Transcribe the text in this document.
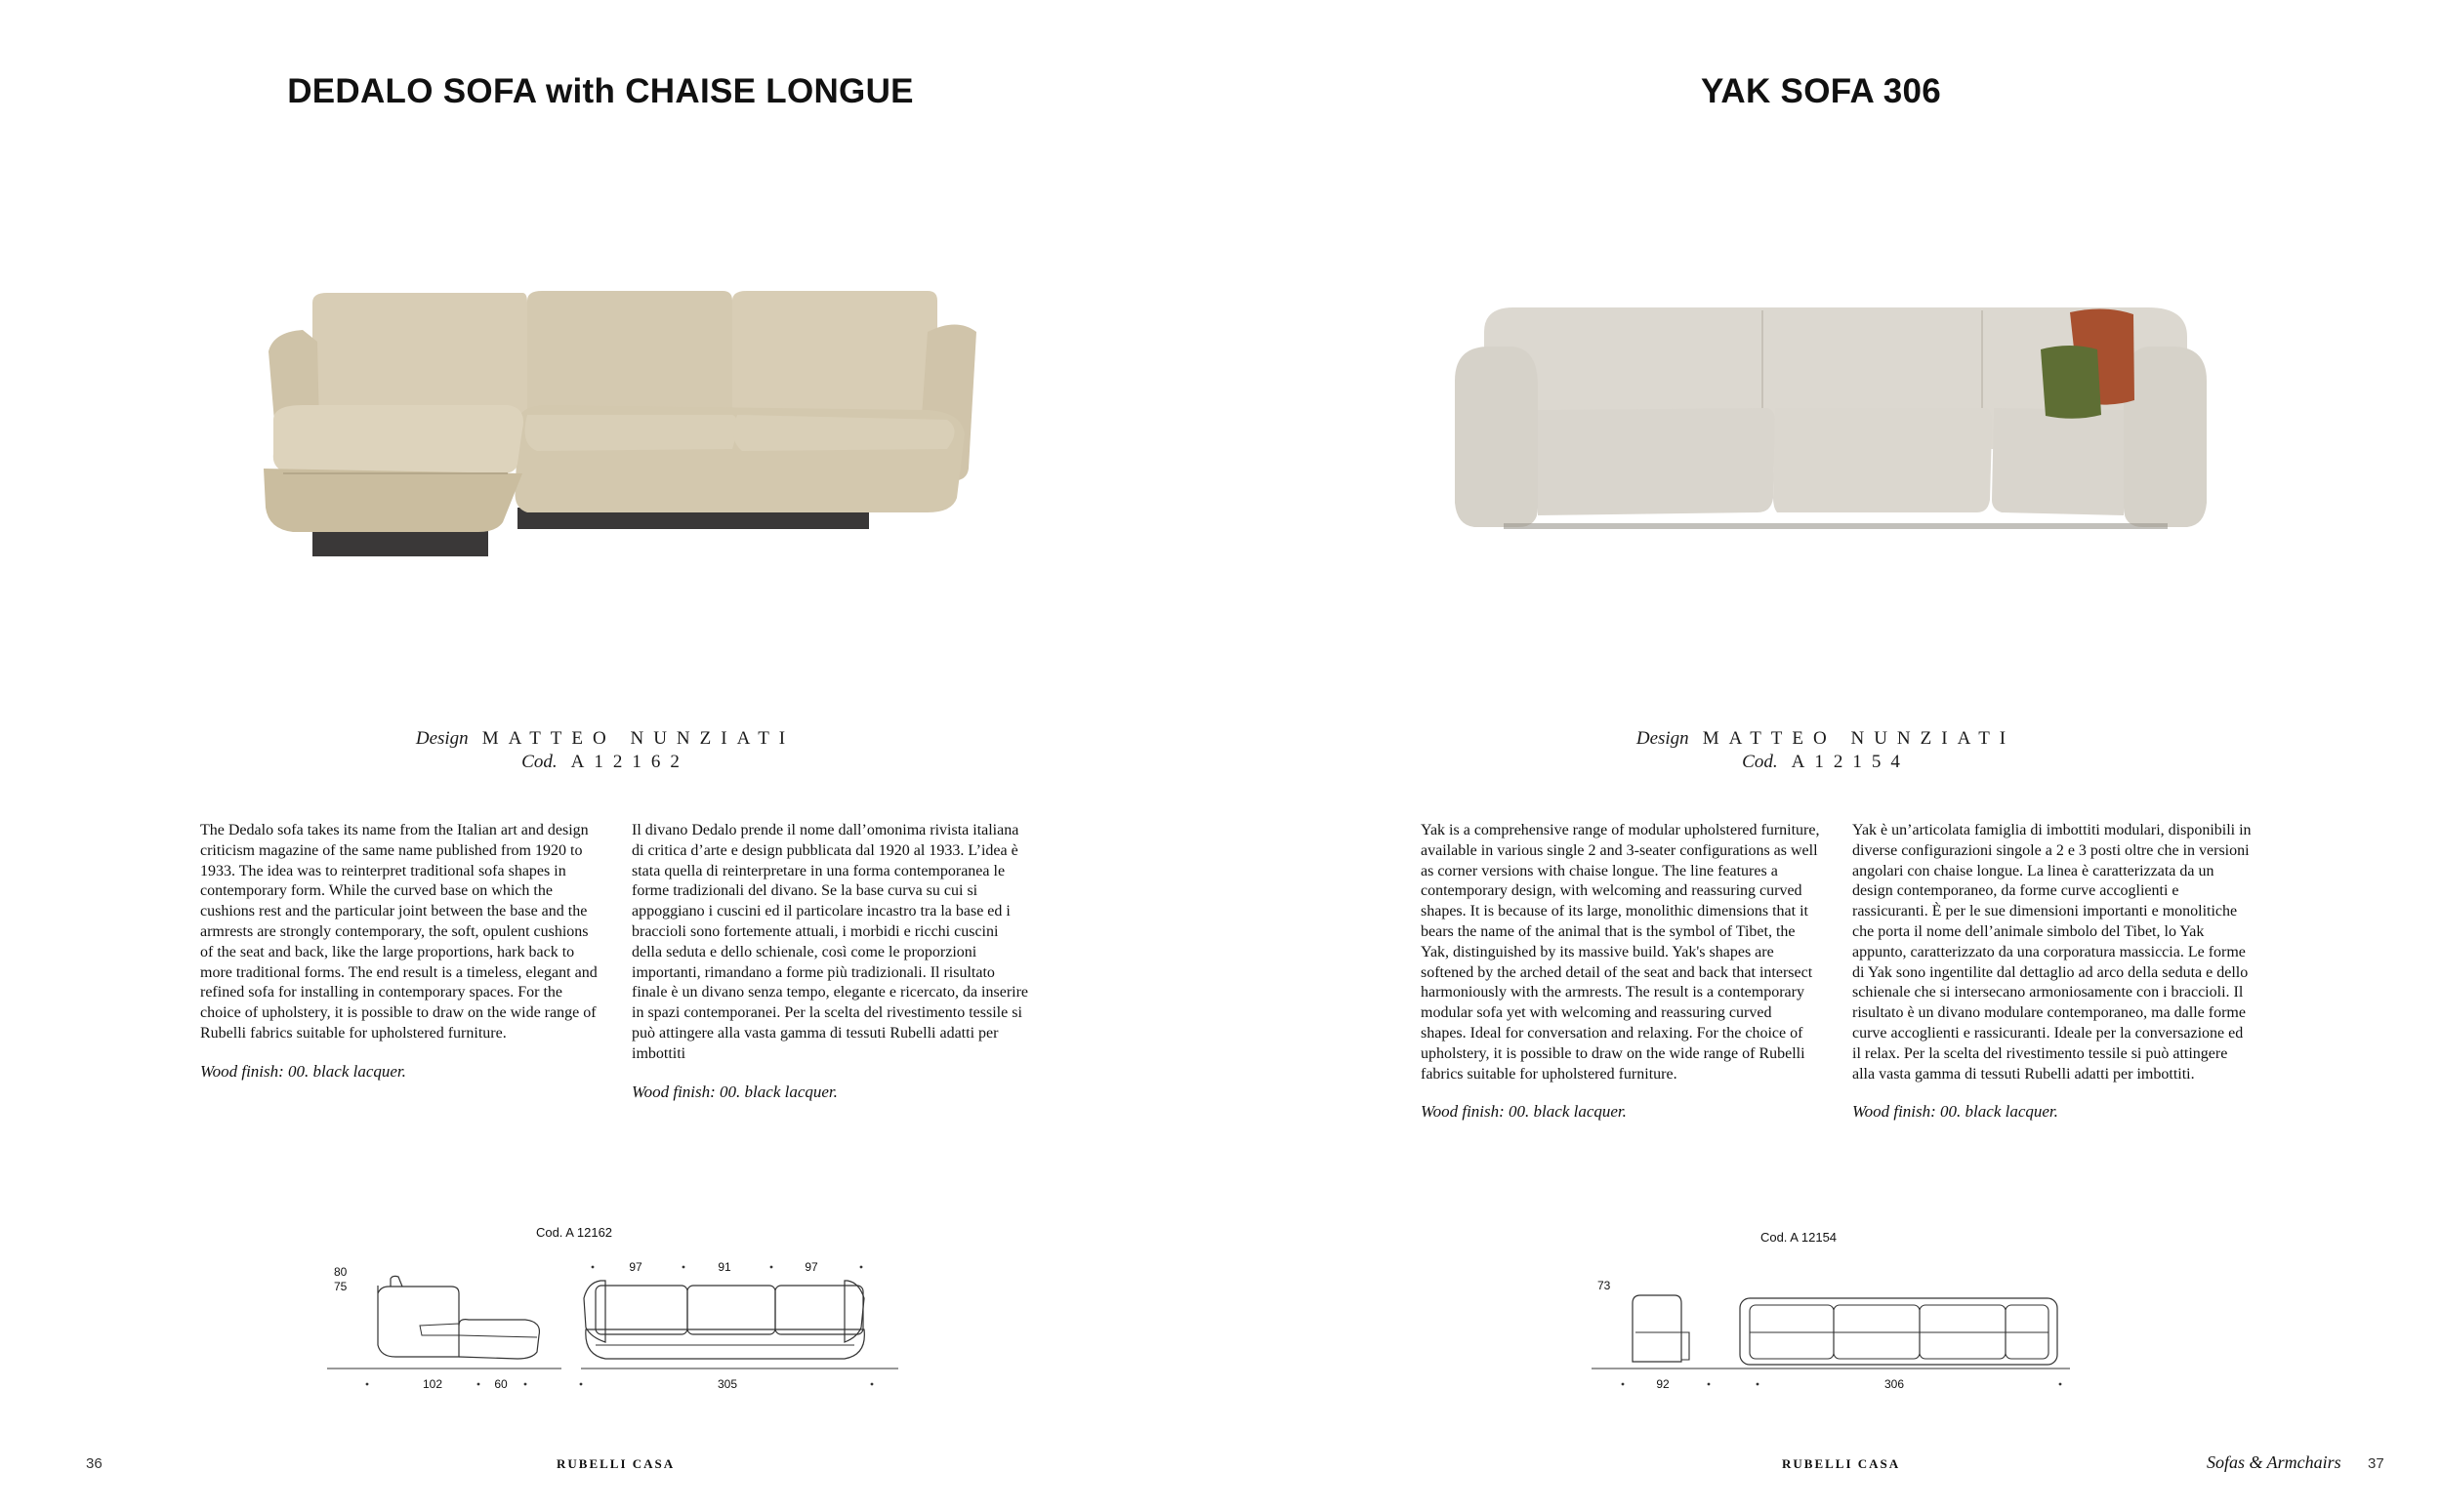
DEDALO SOFA with CHAISE LONGUE
Design MATTEO NUNZIATI
Cod. A12162

The Dedalo sofa takes its name from the Italian art and design criticism magazine of the same name published from 1920 to 1933. The idea was to reinterpret traditional sofa shapes in contemporary form. While the curved base on which the cushions rest and the particular joint between the base and the armrests are strongly contemporary, the soft, opulent cushions of the seat and back, like the large proportions, hark back to more traditional forms. The end result is a timeless, elegant and refined sofa for installing in contemporary spaces. For the choice of upholstery, it is possible to draw on the wide range of Rubelli fabrics suitable for upholstered furniture.

Wood finish: 00. black lacquer.

Il divano Dedalo prende il nome dall’omonima rivista italiana di critica d’arte e design pubblicata dal 1920 al 1933. L’idea è stata quella di reinterpretare in una forma contemporanea le forme tradizionali del divano. Se la base curva su cui si appoggiano i cuscini ed il particolare incastro tra la base ed i braccioli sono fortemente attuali, i morbidi e ricchi cuscini della seduta e dello schienale, così come le proporzioni importanti, rimandano a forme più tradizionali. Il risultato finale è un divano senza tempo, elegante e ricercato, da inserire in spazi contemporanei. Per la scelta del rivestimento tessile si può attingere alla vasta gamma di tessuti Rubelli adatti per imbottiti

Wood finish: 00. black lacquer.

Cod. A 12162
80
75
102	60
97	91	97
305
36	RUBELLI CASA
YAK SOFA 306
Design MATTEO NUNZIATI
Cod. A12154

Yak is a comprehensive range of modular upholstered furniture, available in various single 2 and 3-seater configurations as well as corner versions with chaise longue. The line features a contemporary design, with welcoming and reassuring curved shapes. It is because of its large, monolithic dimensions that it bears the name of the animal that is the symbol of Tibet, the Yak, distinguished by its massive build. Yak's shapes are softened by the arched detail of the seat and back that intersect harmoniously with the armrests. The result is a contemporary modular sofa yet with welcoming and reassuring curved shapes. Ideal for conversation and relaxing. For the choice of upholstery, it is possible to draw on the wide range of Rubelli fabrics suitable for upholstered furniture.

Wood finish: 00. black lacquer.

Yak è un’articolata famiglia di imbottiti modulari, disponibili in diverse configurazioni singole a 2 e 3 posti oltre che in versioni angolari con chaise longue. La linea è caratterizzata da un design contemporaneo, da forme curve accoglienti e rassicuranti. È per le sue dimensioni importanti e monolitiche che porta il nome dell’animale simbolo del Tibet, lo Yak appunto, caratterizzato da una corporatura massiccia. Le forme di Yak sono ingentilite dal dettaglio ad arco della seduta e dello schienale che si intersecano armoniosamente con i braccioli. Il risultato è un divano modulare contemporaneo, ma dalle forme curve accoglienti e rassicuranti. Ideale per la conversazione ed il relax. Per la scelta del rivestimento tessile si può attingere alla vasta gamma di tessuti Rubelli adatti per imbottiti.

Wood finish: 00. black lacquer.

Cod. A 12154
73
92	306
RUBELLI CASA	Sofas & Armchairs 37
